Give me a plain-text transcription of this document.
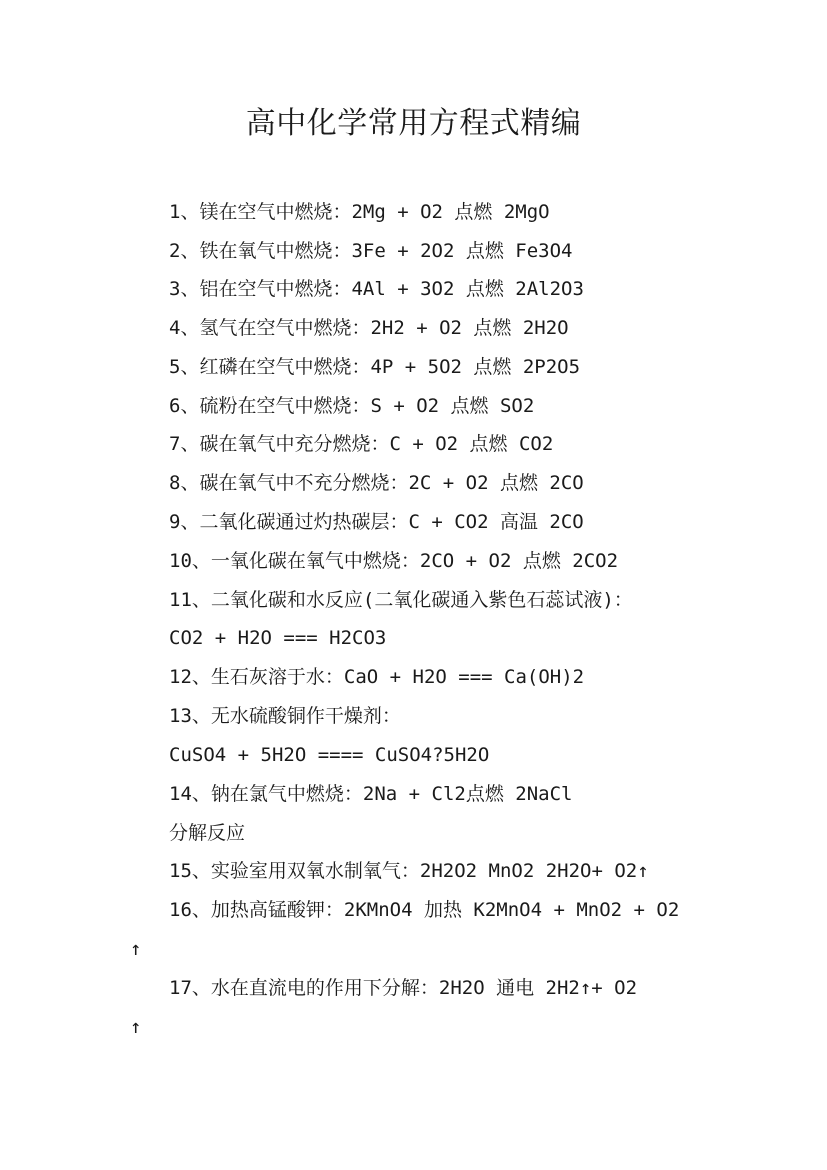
高中化学常用方程式精编
1、镁在空气中燃烧：2Mg + O2 点燃 2MgO
2、铁在氧气中燃烧：3Fe + 2O2 点燃 Fe3O4
3、铝在空气中燃烧：4Al + 3O2 点燃 2Al2O3
4、氢气在空气中燃烧：2H2 + O2 点燃 2H2O
5、红磷在空气中燃烧：4P + 5O2 点燃 2P2O5
6、硫粉在空气中燃烧：S + O2 点燃 SO2
7、碳在氧气中充分燃烧：C + O2 点燃 CO2
8、碳在氧气中不充分燃烧：2C + O2 点燃 2CO
9、二氧化碳通过灼热碳层：C + CO2 高温 2CO
10、一氧化碳在氧气中燃烧：2CO + O2 点燃 2CO2
11、二氧化碳和水反应(二氧化碳通入紫色石蕊试液)：
CO2 + H2O === H2CO3
12、生石灰溶于水：CaO + H2O === Ca(OH)2
13、无水硫酸铜作干燥剂：
CuSO4 + 5H2O ==== CuSO4?5H2O
14、钠在氯气中燃烧：2Na + Cl2点燃 2NaCl
分解反应
15、实验室用双氧水制氧气：2H2O2 MnO2 2H2O+ O2↑
16、加热高锰酸钾：2KMnO4 加热 K2MnO4 + MnO2 + O2
↑
17、水在直流电的作用下分解：2H2O 通电 2H2↑+ O2
↑
